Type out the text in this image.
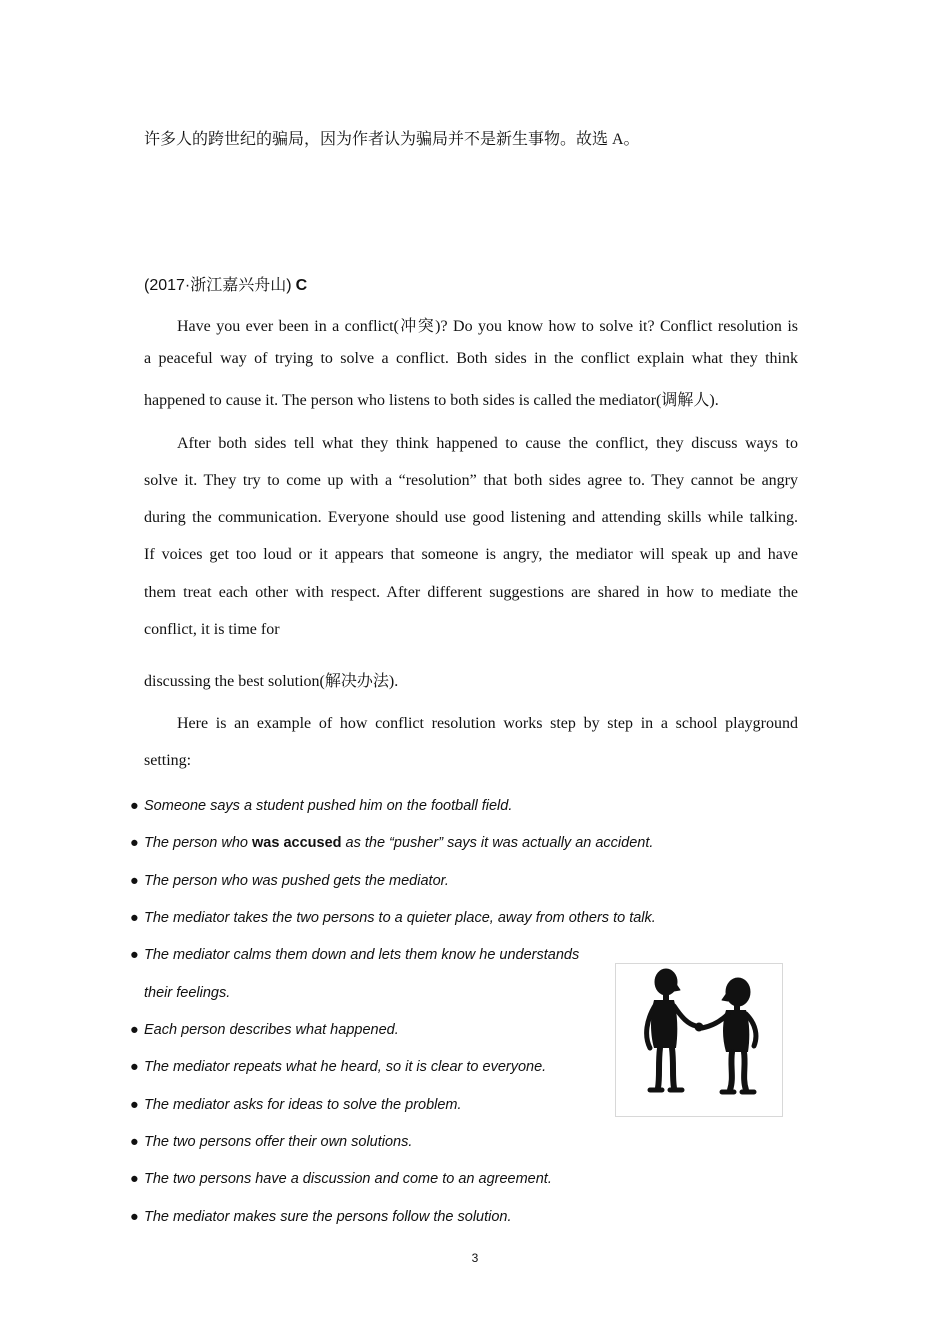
许多人的跨世纪的骗局，因为作者认为骗局并不是新生事物。故选 A。
(2017·浙江嘉兴舟山) C
Have you ever been in a conflict(冲突)? Do you know how to solve it? Conflict resolution is
a peaceful way of trying to solve a conflict. Both sides in the conflict explain what they think
happened to cause it. The person who listens to both sides is called the mediator(调解人).
After both sides tell what they think happened to cause the conflict, they discuss ways to
solve it. They try to come up with a “resolution” that both sides agree to. They cannot be angry
during the communication. Everyone should use good listening and attending skills while talking.
If voices get too loud or it appears that someone is angry, the mediator will speak up and have
them treat each other with respect. After different suggestions are shared in how to mediate the
conflict, it is time for
discussing the best solution(解决办法).
Here is an example of how conflict resolution works step by step in a school playground
setting:
● Someone says a student pushed him on the football field.
● The person who was accused as the “pusher” says it was actually an accident.
● The person who was pushed gets the mediator.
● The mediator takes the two persons to a quieter place, away from others to talk.
● The mediator calms them down and lets them know he understands
their feelings.
● Each person describes what happened.
● The mediator repeats what he heard, so it is clear to everyone.
● The mediator asks for ideas to solve the problem.
● The two persons offer their own solutions.
● The two persons have a discussion and come to an agreement.
● The mediator makes sure the persons follow the solution.
3
